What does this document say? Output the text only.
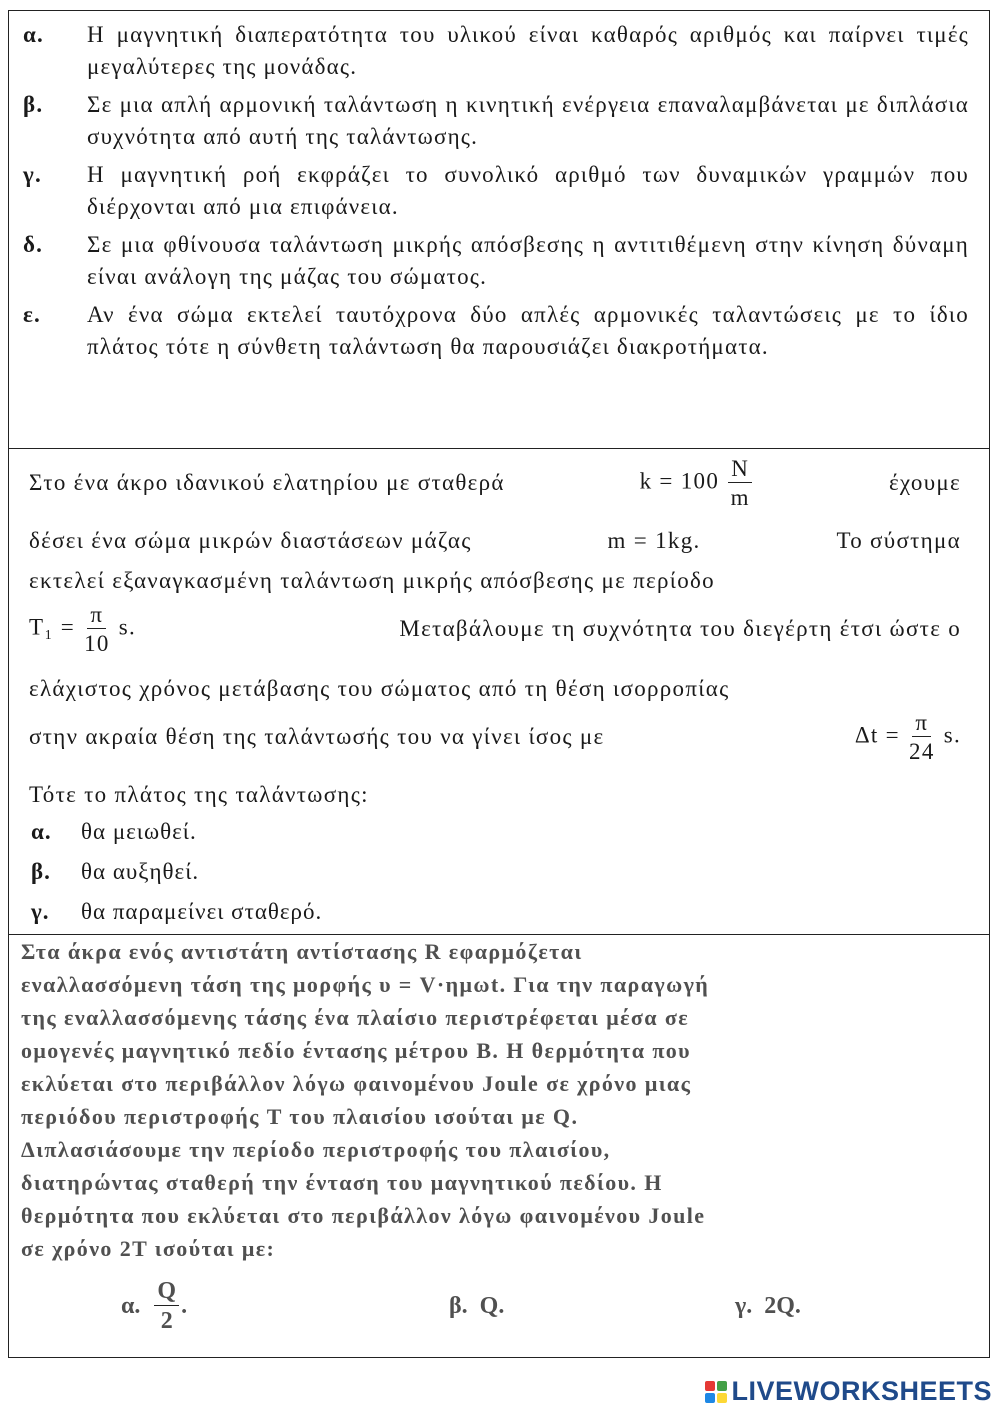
α.	Η μαγνητική διαπερατότητα του υλικού είναι καθαρός αριθμός και παίρνει τιμές μεγαλύτερες της μονάδας.
β.	Σε μια απλή αρμονική ταλάντωση η κινητική ενέργεια επαναλαμβάνεται με διπλάσια συχνότητα από αυτή της ταλάντωσης.
γ.	Η μαγνητική ροή εκφράζει το συνολικό αριθμό των δυναμικών γραμμών που διέρχονται από μια επιφάνεια.
δ.	Σε μια φθίνουσα ταλάντωση μικρής απόσβεσης η αντιτιθέμενη στην κίνηση δύναμη είναι ανάλογη της μάζας του σώματος.
ε.	Αν ένα σώμα εκτελεί ταυτόχρονα δύο απλές αρμονικές ταλαντώσεις με το ίδιο πλάτος τότε η σύνθετη ταλάντωση θα παρουσιάζει διακροτήματα.
Στο ένα άκρο ιδανικού ελατηρίου με σταθερά	$k = 100 \frac{N}{m}$	έχουμε
δέσει ένα σώμα μικρών διαστάσεων μάζας	m = 1kg.	Το σύστημα
εκτελεί εξαναγκασμένη ταλάντωση μικρής απόσβεσης με περίοδο
$T_1 = \frac{\pi}{10} s$.	Μεταβάλουμε τη συχνότητα του διεγέρτη έτσι ώστε ο
ελάχιστος χρόνος μετάβασης του σώματος από τη θέση ισορροπίας
στην ακραία θέση της ταλάντωσής του να γίνει ίσος με	$\Delta t = \frac{\pi}{24} s$.
Τότε το πλάτος της ταλάντωσης:
α.	θα μειωθεί.
β.	θα αυξηθεί.
γ.	θα παραμείνει σταθερό.
Στα άκρα ενός αντιστάτη αντίστασης R εφαρμόζεται
εναλλασσόμενη τάση της μορφής υ = V·ημωt. Για την παραγωγή
της εναλλασσόμενης τάσης ένα πλαίσιο περιστρέφεται μέσα σε
ομογενές μαγνητικό πεδίο έντασης μέτρου Β. Η θερμότητα που
εκλύεται στο περιβάλλον λόγω φαινομένου Joule σε χρόνο μιας
περιόδου περιστροφής T του πλαισίου ισούται με Q.
Διπλασιάσουμε την περίοδο περιστροφής του πλαισίου,
διατηρώντας σταθερή την ένταση του μαγνητικού πεδίου. Η
θερμότητα που εκλύεται στο περιβάλλον λόγω φαινομένου Joule
σε χρόνο 2T ισούται με:
α. $\frac{Q}{2}$ .	β. Q.	γ. 2Q.
LIVEWORKSHEETS
